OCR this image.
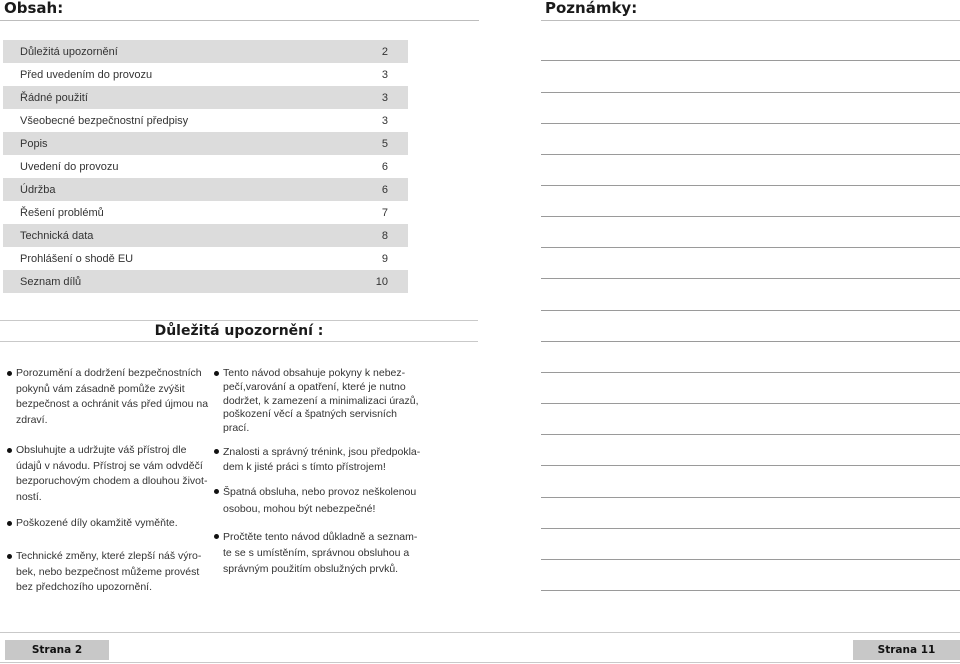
Obsah:	Poznámky:
Důležitá upozornění	2
Před uvedením do provozu	3
Řádné použití	3
Všeobecné bezpečnostní předpisy	3
Popis	5
Uvedení do provozu	6
Údržba	6
Řešení problémů	7
Technická data	8
Prohlášení o shodě EU	9
Seznam dílů	10
Důležitá upozornění :
Porozumění a dodržení bezpečnostních
pokynů vám zásadně pomůže zvýšit
bezpečnost a ochránit vás před újmou na
zdraví.
Obsluhujte a udržujte váš přístroj dle
údajů v návodu. Přístroj se vám odvděčí
bezporuchovým chodem a dlouhou život-
ností.
Poškozené díly okamžitě vyměňte.
Technické změny, které zlepší náš výro-
bek, nebo bezpečnost můžeme provést
bez předchozího upozornění.
Tento návod obsahuje pokyny k nebez-
pečí,varování a opatření, které je nutno
dodržet, k zamezení a minimalizaci úrazů,
poškození věcí a špatných servisních
prací.
Znalosti a správný trénink, jsou předpokla-
dem k jisté práci s tímto přístrojem!
Špatná obsluha, nebo provoz neškolenou
osobou, mohou být nebezpečné!
Pročtěte tento návod důkladně a seznam-
te se s umístěním, správnou obsluhou a
správným použitím obslužných prvků.
Strana 2	Strana 11
